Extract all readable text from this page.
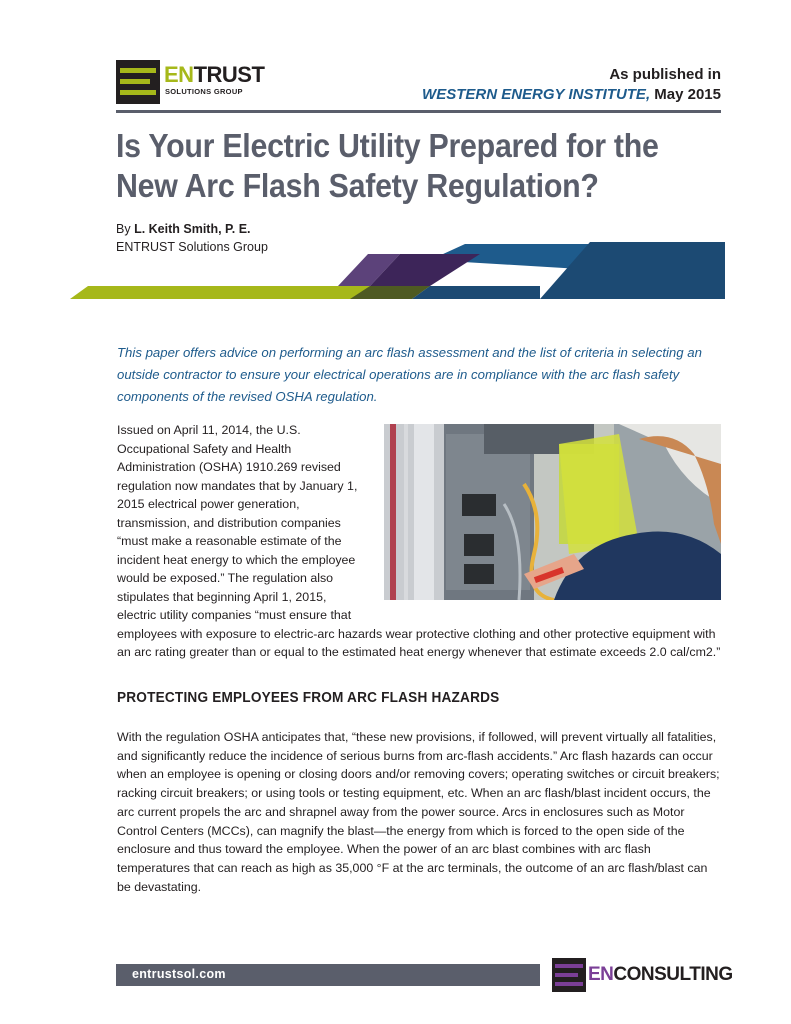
ENTRUST
SOLUTIONS GROUP
As published in
WESTERN ENERGY INSTITUTE, May 2015
Is Your Electric Utility Prepared for the
New Arc Flash Safety Regulation?
By L. Keith Smith, P. E.
ENTRUST Solutions Group
This paper offers advice on performing an arc flash assessment and the list of criteria in selecting an outside contractor to ensure your electrical operations are in compliance with the arc flash safety components of the revised OSHA regulation.
Issued on April 11, 2014, the U.S. Occupational Safety and Health Administration (OSHA) 1910.269 revised regulation now mandates that by January 1, 2015 electrical power generation, transmission, and distribution companies “must make a reasonable estimate of the incident heat energy to which the employee would be exposed.” The regulation also stipulates that beginning April 1, 2015, electric utility companies “must ensure that
employees with exposure to electric-arc hazards wear protective clothing and other protective equipment with an arc rating greater than or equal to the estimated heat energy whenever that estimate exceeds 2.0 cal/cm2.”
PROTECTING EMPLOYEES FROM ARC FLASH HAZARDS
With the regulation OSHA anticipates that, “these new provisions, if followed, will prevent virtually all fatalities, and significantly reduce the incidence of serious burns from arc-flash accidents.” Arc flash hazards can occur when an employee is opening or closing doors and/or removing covers; operating switches or circuit breakers; racking circuit breakers; or using tools or testing equipment, etc. When an arc flash/blast incident occurs, the arc current propels the arc and shrapnel away from the power source. Arcs in enclosures such as Motor Control Centers (MCCs), can magnify the blast—the energy from which is forced to the open side of the enclosure and thus toward the employee. When the power of an arc blast combines with arc flash temperatures that can reach as high as 35,000 °F at the arc terminals, the outcome of an arc flash/blast can be devastating.
entrustsol.com	ENCONSULTING
